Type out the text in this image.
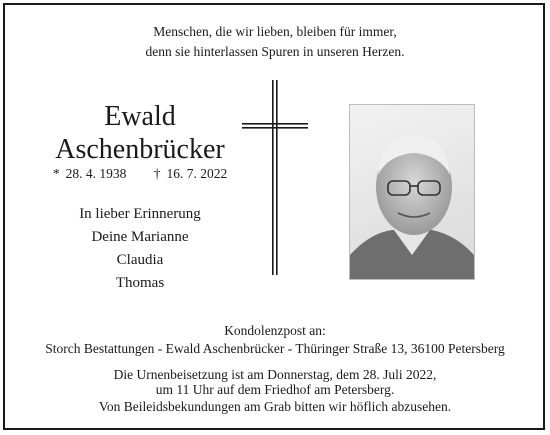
Menschen, die wir lieben, bleiben für immer,
denn sie hinterlassen Spuren in unseren Herzen.
Ewald
Aschenbrücker
* 28. 4. 1938 † 16. 7. 2022
In lieber Erinnerung
Deine Marianne
Claudia
Thomas
Kondolenzpost an:
Storch Bestattungen - Ewald Aschenbrücker - Thüringer Straße 13, 36100 Petersberg
Die Urnenbeisetzung ist am Donnerstag, dem 28. Juli 2022,
um 11 Uhr auf dem Friedhof am Petersberg.
Von Beileidsbekundungen am Grab bitten wir höflich abzusehen.
